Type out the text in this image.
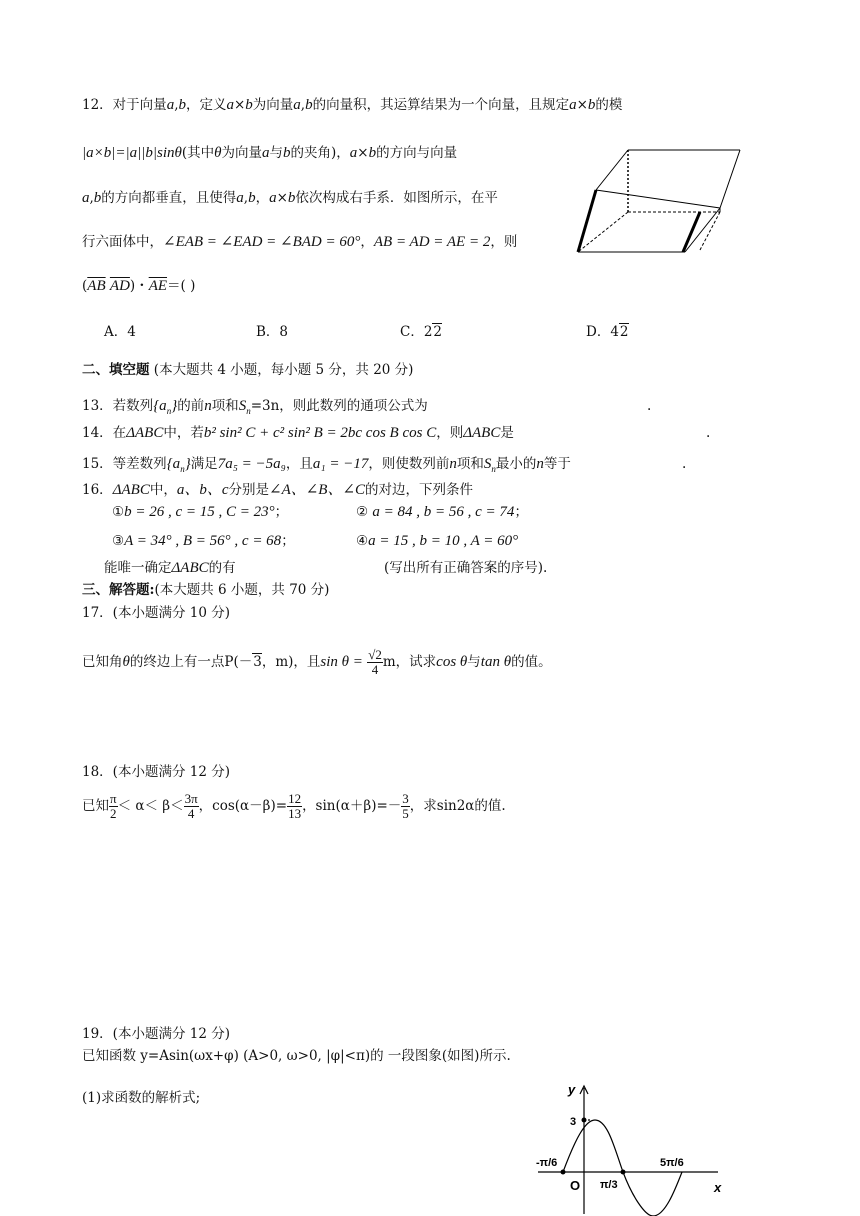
12．对于向量a,b，定义a×b为向量a,b的向量积，其运算结果为一个向量，且规定a×b的模
|a×b|=|a||b|sinθ(其中θ为向量a与b的夹角)，a×b的方向与向量
a,b的方向都垂直，且使得a,b，a×b依次构成右手系．如图所示，在平
行六面体中，∠EAB = ∠EAD = ∠BAD = 60°，AB = AD = AE = 2，则
($\overline{AB}$ $\overline{AD}$)・$\overline{AE}=$( )
A．4	B．8	C．22	D．42
二、填空题 (本大题共 4 小题，每小题 5 分，共 20 分)
13．若数列$\{a_n\}$的前n项和$S_n=3n$，则此数列的通项公式为	.
14．在ΔABC中，若b² sin² C + c² sin² B = 2bc cos B cos C，则ΔABC是	.
15．等差数列$\{a_n\}$满足7a₅ = −5a₉，且a₁ = −17，则使数列前n项和$S_n$最小的n等于	.
16．ΔABC中，a、b、c分别是∠A、∠B、∠C的对边，下列条件
①b = 26 , c = 15 , C = 23°；	② a = 84 , b = 56 , c = 74；
③A = 34° , B = 56° , c = 68；	④a = 15 , b = 10 , A = 60°
能唯一确定ΔABC的有	(写出所有正确答案的序号).
三、解答题:(本大题共 6 小题，共 70 分)
17．(本小题满分 10 分)
已知角θ的终边上有一点P(－3，m)，且$\sin \theta = \frac{√2}{4}$ m，试求cos θ与tan θ的值。
18．(本小题满分 12 分)
已知 $\frac{\pi}{2} < \alpha< \beta< \frac{3\pi}{4}$ ，$\cos(\alpha-\beta)= \frac{12}{13}$ ，$\sin(\alpha+\beta)=- \frac{3}{5}$ ，求sin2α的值.
19．(本小题满分 12 分)
已知函数 y=Asin(ωx+φ) (A>0, ω>0, |φ|<π)的 一段图象(如图)所示.
(1)求函数的解析式;
y
x
3
-π/6
O π/3
5π/6
